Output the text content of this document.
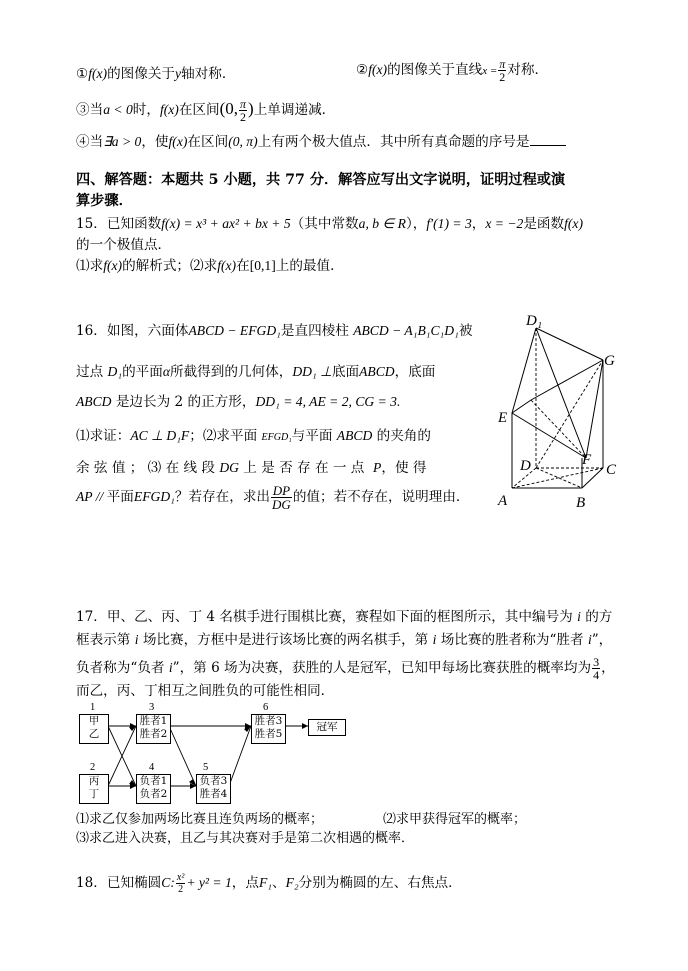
①f(x)的图像关于y轴对称．	②f(x)的图像关于直线$x = \frac{\pi}{2}$ 对称．
③当a < 0时，f(x)在区间(0, $\frac{\pi}{2}$ )上单调递减．
④当∃a > 0，使f(x)在区间(0, π)上有两个极大值点．其中所有真命题的序号是
四、解答题：本题共 5 小题，共 77 分．解答应写出文字说明，证明过程或演
算步骤．
15．已知函数f(x) = x³ + ax² + bx + 5（其中常数a, b ∈ R），f′(1) = 3，x = −2是函数f(x)
的一个极值点．
⑴求f(x)的解析式；⑵求f(x)在[0,1]上的最值．
16．如图，六面体ABCD − EFGD₁是直四棱柱 ABCD − A₁B₁C₁D₁被
过点 D₁的平面α所截得到的几何体，DD₁ ⊥底面ABCD，底面
ABCD 是边长为 2 的正方形，DD₁ = 4, AE = 2, CG = 3.
⑴求证：AC ⊥ D₁F；⑵求平面 EFGD₁与平面 ABCD 的夹角的
余 弦 值 ； ⑶ 在 线 段 DG 上 是 否 存 在 一 点 P，使 得
AP // 平面EFGD₁？若存在，求出 $\frac{DP}{DG}$ 的值；若不存在，说明理由．
D₁
G
E
D	F
C
A	B
17．甲、乙、丙、丁 4 名棋手进行围棋比赛，赛程如下面的框图所示，其中编号为 i 的方
框表示第 i 场比赛，方框中是进行该场比赛的两名棋手，第 i 场比赛的胜者称为“胜者 i”，
负者称为“负者 i”，第 6 场为决赛，获胜的人是冠军，已知甲每场比赛获胜的概率均为 $\frac{3}{4}$ ，
而乙，丙、丁相互之间胜负的可能性相同．
1
2
3
4	5
6
甲
乙
丙
丁
胜者1
胜者2
负者1
负者2
负者3
胜者4
胜者3
胜者5
冠军
⑴求乙仅参加两场比赛且连负两场的概率；	⑵求甲获得冠军的概率；
⑶求乙进入决赛，且乙与其决赛对手是第二次相遇的概率．
18．已知椭圆C: $\frac{\text{x²}}{2} + y^2 = 1$，点F₁、F₂分别为椭圆的左、右焦点．
